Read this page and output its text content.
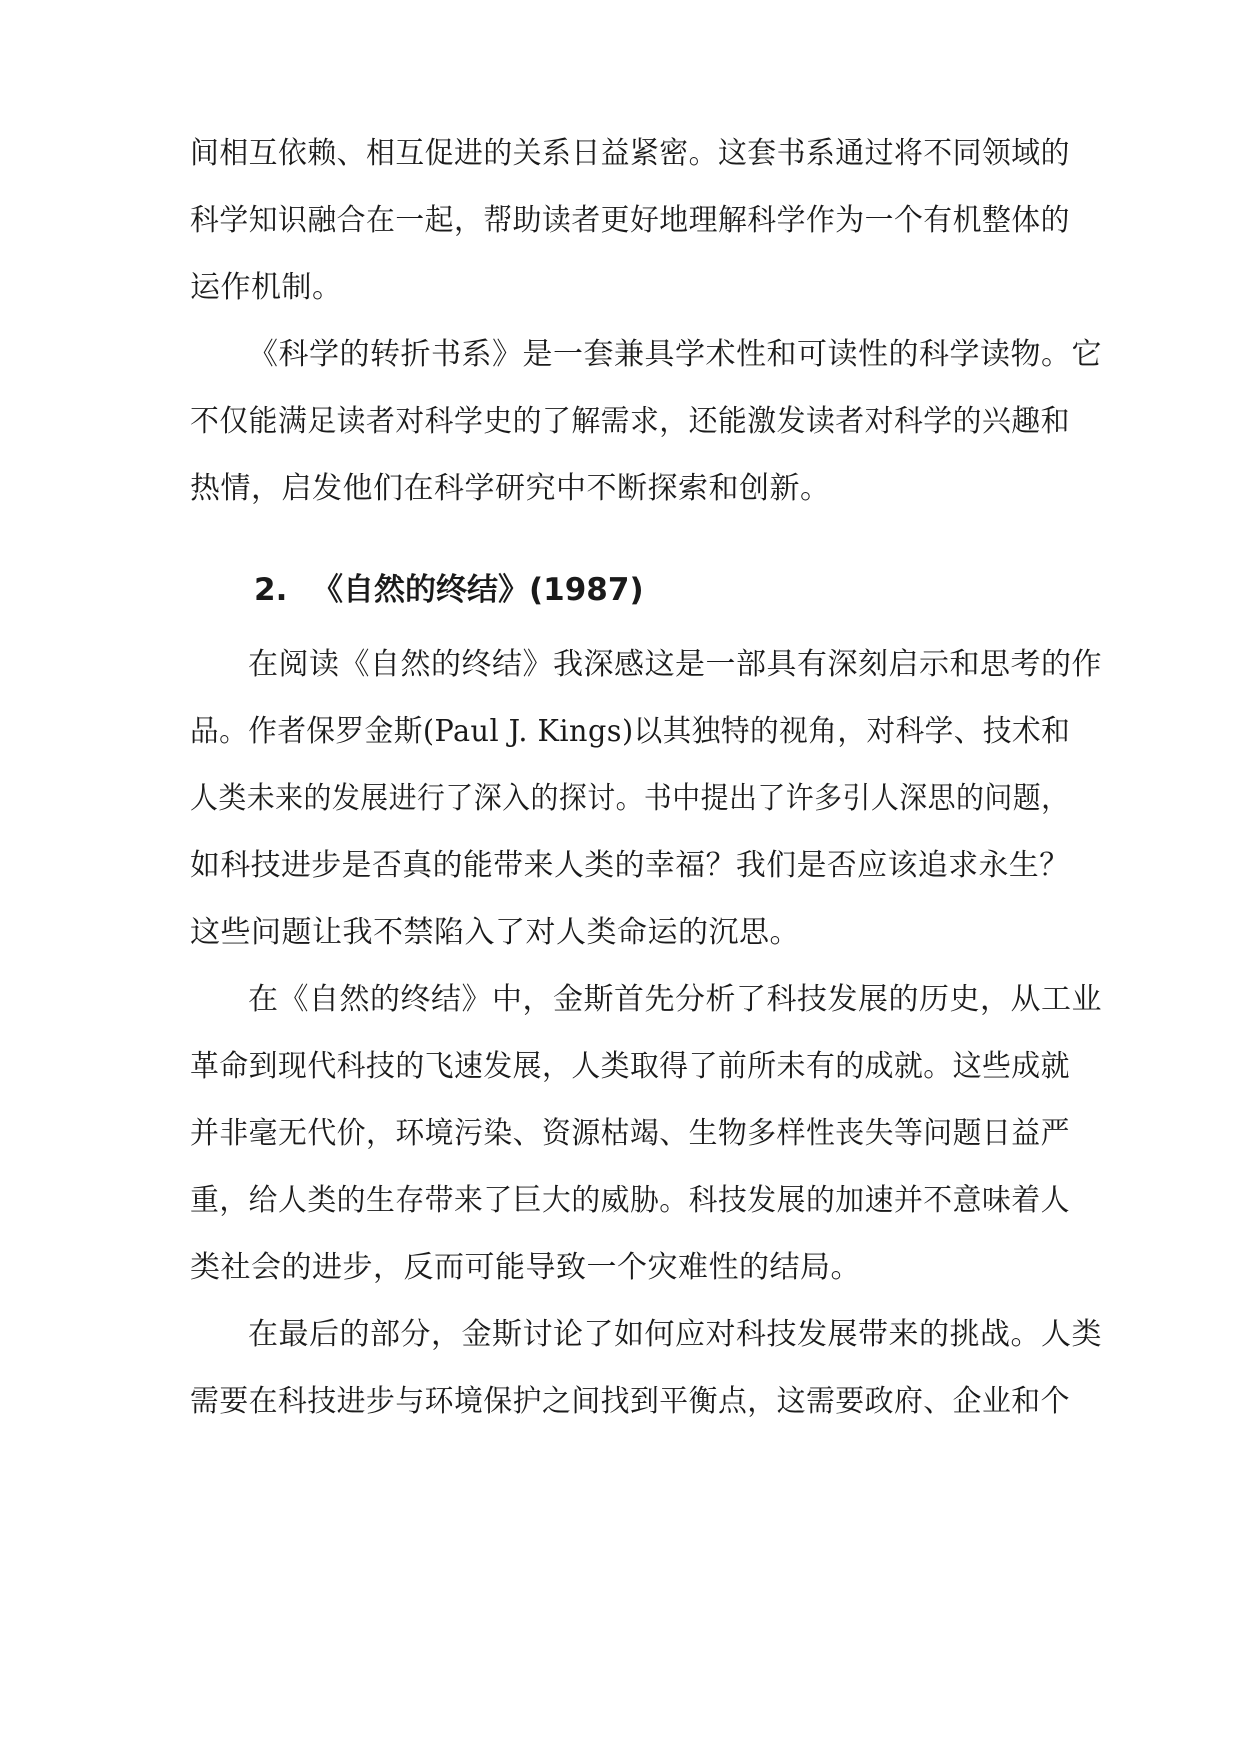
间相互依赖、相互促进的关系日益紧密。这套书系通过将不同领域的
科学知识融合在一起，帮助读者更好地理解科学作为一个有机整体的
运作机制。
《科学的转折书系》是一套兼具学术性和可读性的科学读物。它
不仅能满足读者对科学史的了解需求，还能激发读者对科学的兴趣和
热情，启发他们在科学研究中不断探索和创新。
2. 《自然的终结》(1987)
在阅读《自然的终结》我深感这是一部具有深刻启示和思考的作
品。作者保罗金斯(Paul J. Kings)以其独特的视角，对科学、技术和
人类未来的发展进行了深入的探讨。书中提出了许多引人深思的问题，
如科技进步是否真的能带来人类的幸福？我们是否应该追求永生？
这些问题让我不禁陷入了对人类命运的沉思。
在《自然的终结》中，金斯首先分析了科技发展的历史，从工业
革命到现代科技的飞速发展，人类取得了前所未有的成就。这些成就
并非毫无代价，环境污染、资源枯竭、生物多样性丧失等问题日益严
重，给人类的生存带来了巨大的威胁。科技发展的加速并不意味着人
类社会的进步，反而可能导致一个灾难性的结局。
在最后的部分，金斯讨论了如何应对科技发展带来的挑战。人类
需要在科技进步与环境保护之间找到平衡点，这需要政府、企业和个
